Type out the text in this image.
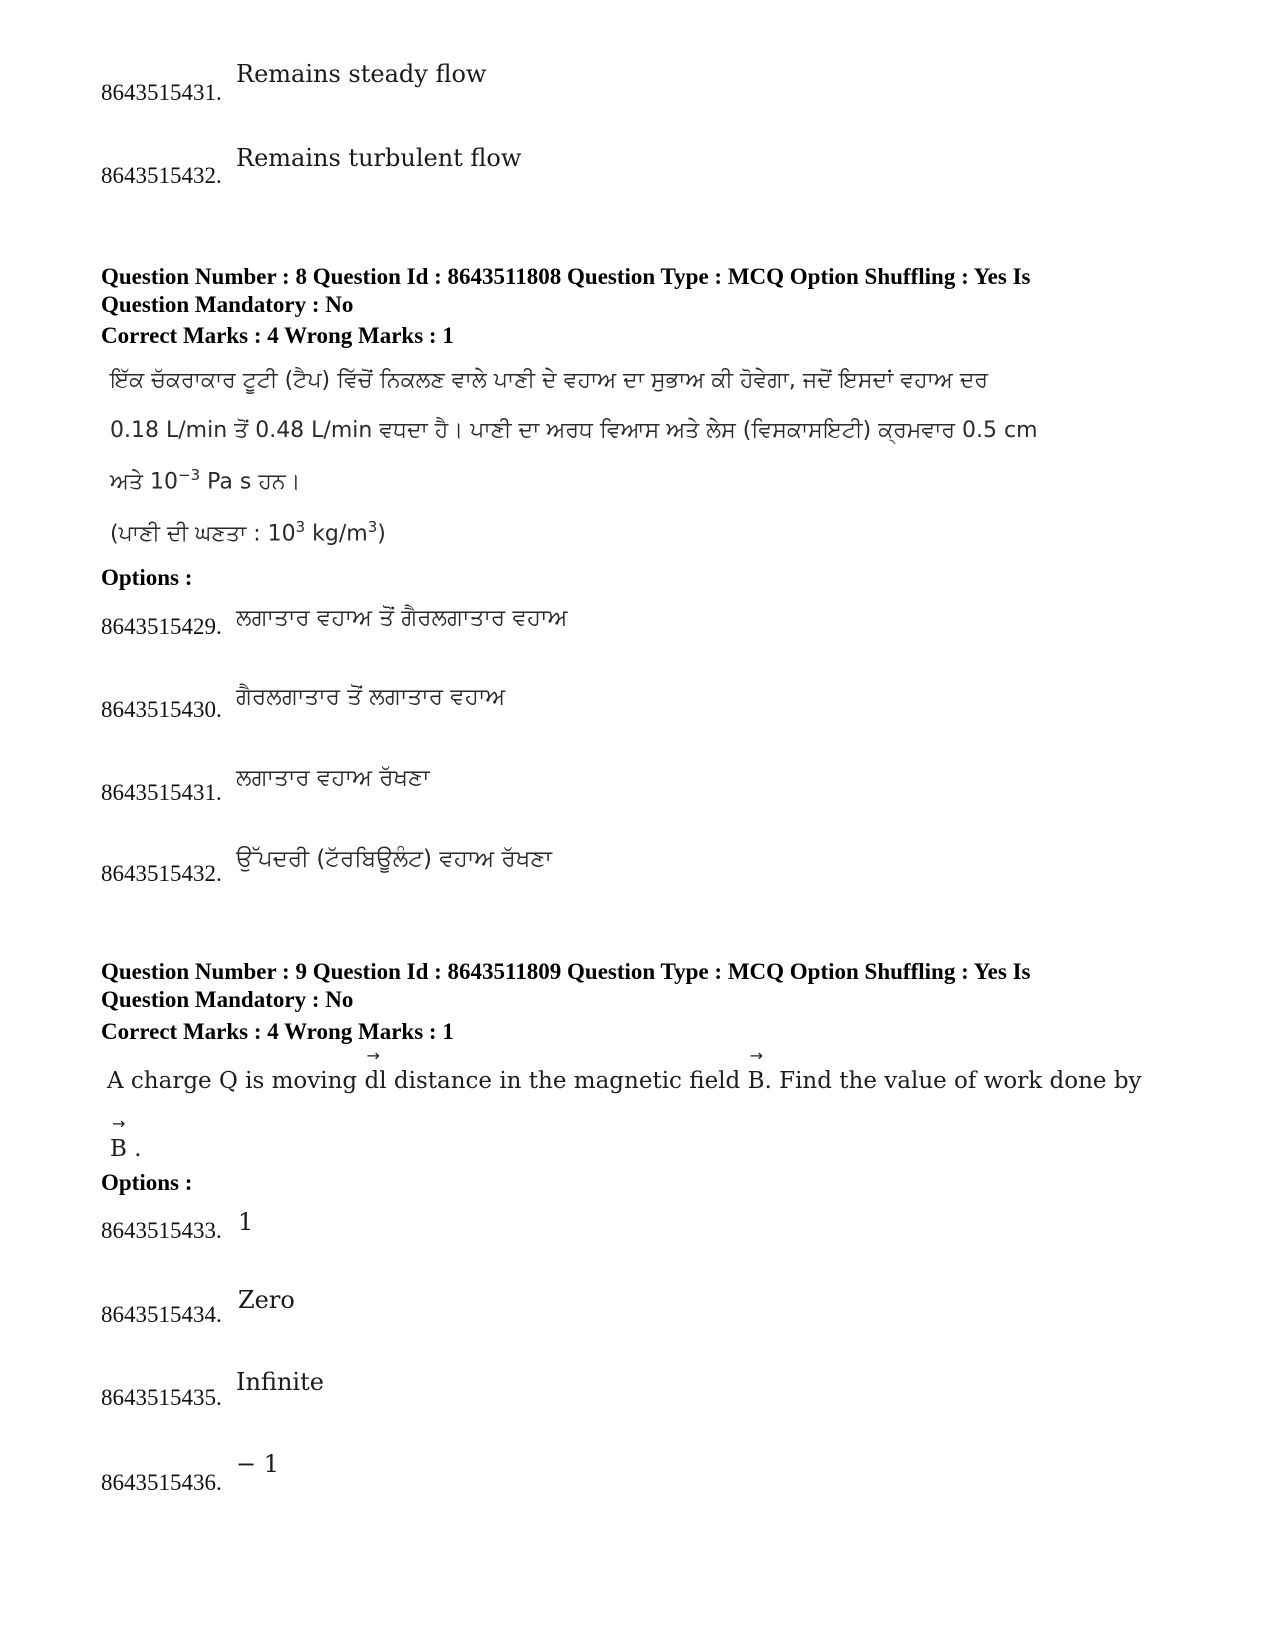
8643515431.
Remains steady flow
8643515432.
Remains turbulent flow
Question Number : 8 Question Id : 8643511808 Question Type : MCQ Option Shuffling : Yes Is
Question Mandatory : No
Correct Marks : 4 Wrong Marks : 1
ਇੱਕ ਚੱਕਰਾਕਾਰ ਟੂਟੀ (ਟੈਪ) ਵਿੱਚੋਂ ਨਿਕਲਣ ਵਾਲੇ ਪਾਣੀ ਦੇ ਵਹਾਅ ਦਾ ਸੁਭਾਅ ਕੀ ਹੋਵੇਗਾ, ਜਦੋਂ ਇਸਦਾਂ ਵਹਾਅ ਦਰ
0.18 L/min ਤੋਂ 0.48 L/min ਵਧਦਾ ਹੈ। ਪਾਣੀ ਦਾ ਅਰਧ ਵਿਆਸ ਅਤੇ ਲੇਸ (ਵਿਸਕਾਸਇਟੀ) ਕ੍ਰਮਵਾਰ 0.5 cm
ਅਤੇ $10^{-3}$ Pa s ਹਨ।
(ਪਾਣੀ ਦੀ ਘਣਤਾ : $10^3$ $kg/m^3$)
Options :
8643515429. ਲਗਾਤਾਰ ਵਹਾਅ ਤੋਂ ਗੈਰਲਗਾਤਾਰ ਵਹਾਅ
8643515430. ਗੈਰਲਗਾਤਾਰ ਤੋਂ ਲਗਾਤਾਰ ਵਹਾਅ
8643515431.
ਲਗਾਤਾਰ ਵਹਾਅ ਰੱਖਣਾ
8643515432.
ਉੱਪਦਰੀ (ਟੱਰਬਿਊਲੰਟ) ਵਹਾਅ ਰੱਖਣਾ
Question Number : 9 Question Id : 8643511809 Question Type : MCQ Option Shuffling : Yes Is
Question Mandatory : No
Correct Marks : 4 Wrong Marks : 1
A charge Q is moving
→
dl distance in the magnetic field
→
B. Find the value of work done by
→
B .
Options :
8643515433. 1
8643515434.
Zero
8643515435.
Infinite
8643515436.
− 1
